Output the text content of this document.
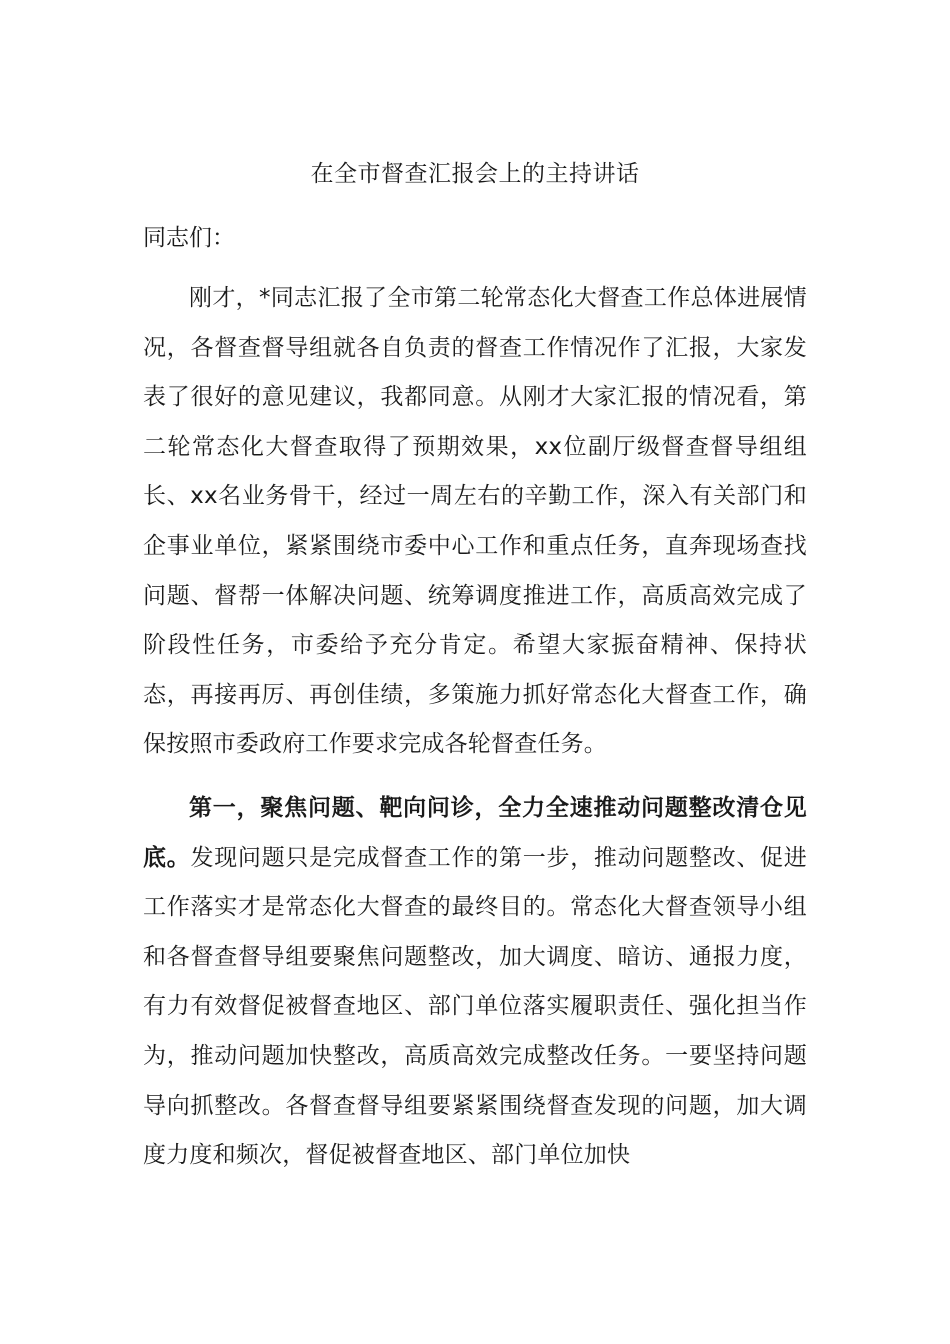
在全市督查汇报会上的主持讲话
同志们：

刚才，*同志汇报了全市第二轮常态化大督查工作总体进展情况，各督查督导组就各自负责的督查工作情况作了汇报，大家发表了很好的意见建议，我都同意。从刚才大家汇报的情况看，第二轮常态化大督查取得了预期效果，xx位副厅级督查督导组组长、xx名业务骨干，经过一周左右的辛勤工作，深入有关部门和企事业单位，紧紧围绕市委中心工作和重点任务，直奔现场查找问题、督帮一体解决问题、统筹调度推进工作，高质高效完成了阶段性任务，市委给予充分肯定。希望大家振奋精神、保持状态，再接再厉、再创佳绩，多策施力抓好常态化大督查工作，确保按照市委政府工作要求完成各轮督查任务。

第一，聚焦问题、靶向问诊，全力全速推动问题整改清仓见底。发现问题只是完成督查工作的第一步，推动问题整改、促进工作落实才是常态化大督查的最终目的。常态化大督查领导小组和各督查督导组要聚焦问题整改，加大调度、暗访、通报力度，有力有效督促被督查地区、部门单位落实履职责任、强化担当作为，推动问题加快整改，高质高效完成整改任务。一要坚持问题导向抓整改。各督查督导组要紧紧围绕督查发现的问题，加大调度力度和频次，督促被督查地区、部门单位加快
